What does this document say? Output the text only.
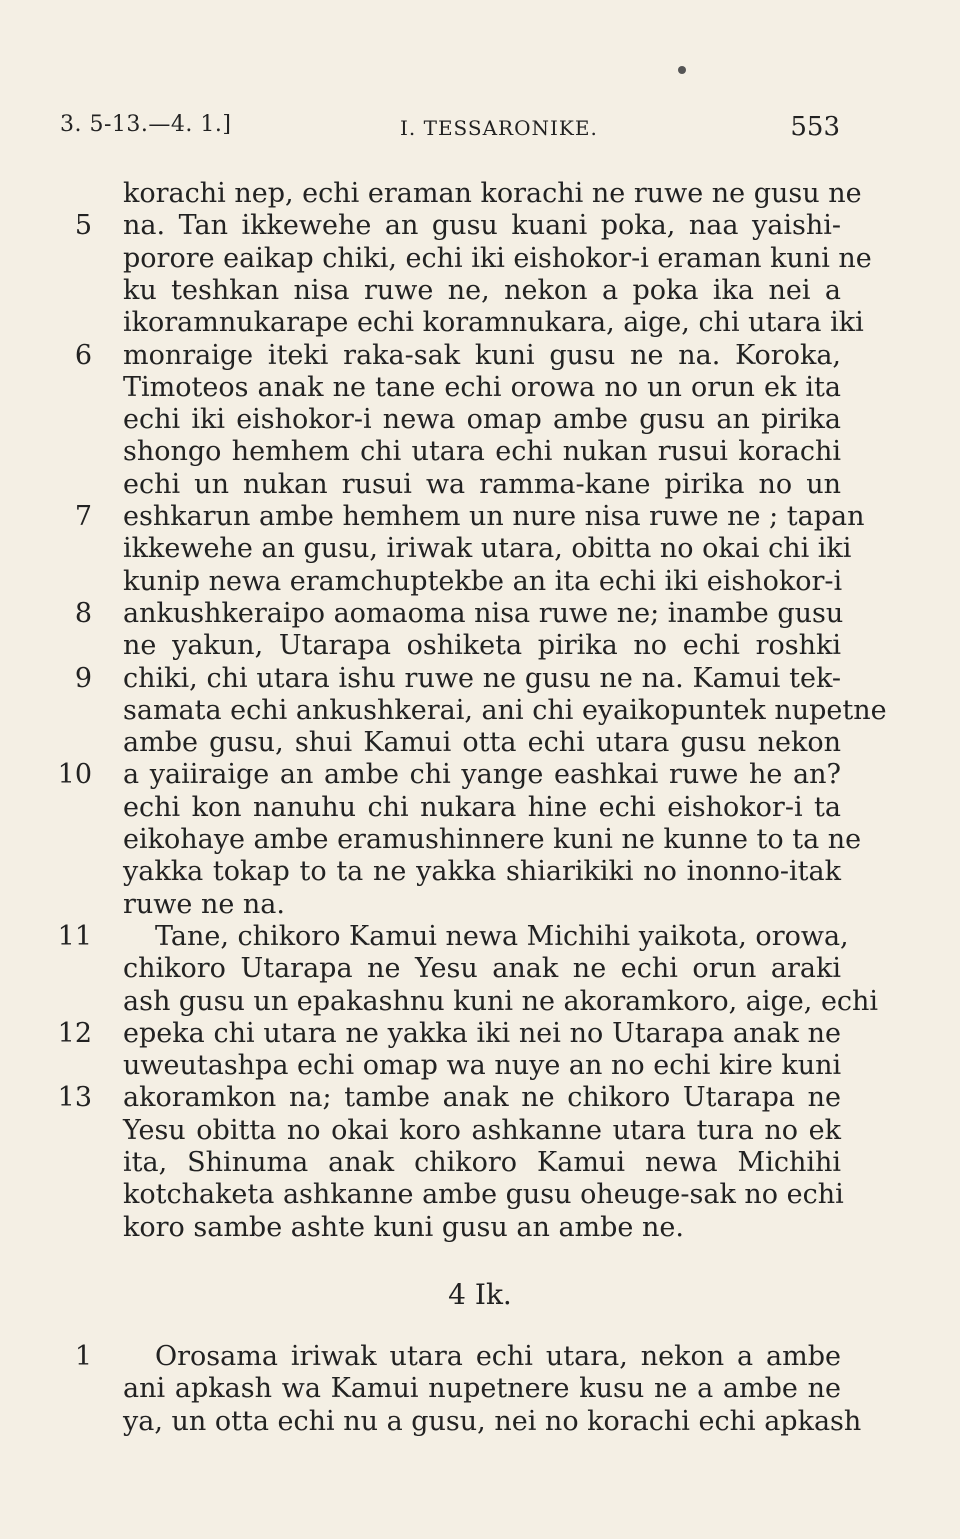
3. 5-13.—4. 1.]	I. TESSARONIKE.	553
korachi nep, echi eraman korachi ne ruwe ne gusu ne
5 na. Tan ikkewehe an gusu kuani poka, naa yaishi-
porore eaikap chiki, echi iki eishokor-i eraman kuni ne
ku teshkan nisa ruwe ne, nekon a poka ika nei a
ikoramnukarape echi koramnukara, aige, chi utara iki
6 monraige iteki raka-sak kuni gusu ne na. Koroka,
Timoteos anak ne tane echi orowa no un orun ek ita
echi iki eishokor-i newa omap ambe gusu an pirika
shongo hemhem chi utara echi nukan rusui korachi
echi un nukan rusui wa ramma-kane pirika no un
7 eshkarun ambe hemhem un nure nisa ruwe ne ; tapan
ikkewehe an gusu, iriwak utara, obitta no okai chi iki
kunip newa eramchuptekbe an ita echi iki eishokor-i
8 ankushkeraipo aomaoma nisa ruwe ne; inambe gusu
ne yakun, Utarapa oshiketa pirika no echi roshki
9 chiki, chi utara ishu ruwe ne gusu ne na. Kamui tek-
samata echi ankushkerai, ani chi eyaikopuntek nupetne
ambe gusu, shui Kamui otta echi utara gusu nekon
10 a yaiiraige an ambe chi yange eashkai ruwe he an?
echi kon nanuhu chi nukara hine echi eishokor-i ta
eikohaye ambe eramushinnere kuni ne kunne to ta ne
yakka tokap to ta ne yakka shiarikiki no inonno-itak
ruwe ne na.
11 Tane, chikoro Kamui newa Michihi yaikota, orowa,
chikoro Utarapa ne Yesu anak ne echi orun araki
ash gusu un epakashnu kuni ne akoramkoro, aige, echi
12 epeka chi utara ne yakka iki nei no Utarapa anak ne
uweutashpa echi omap wa nuye an no echi kire kuni
13 akoramkon na; tambe anak ne chikoro Utarapa ne
Yesu obitta no okai koro ashkanne utara tura no ek
ita, Shinuma anak chikoro Kamui newa Michihi
kotchaketa ashkanne ambe gusu oheuge-sak no echi
koro sambe ashte kuni gusu an ambe ne.
4 Ik.
1 Orosama iriwak utara echi utara, nekon a ambe
ani apkash wa Kamui nupetnere kusu ne a ambe ne
ya, un otta echi nu a gusu, nei no korachi echi apkash
